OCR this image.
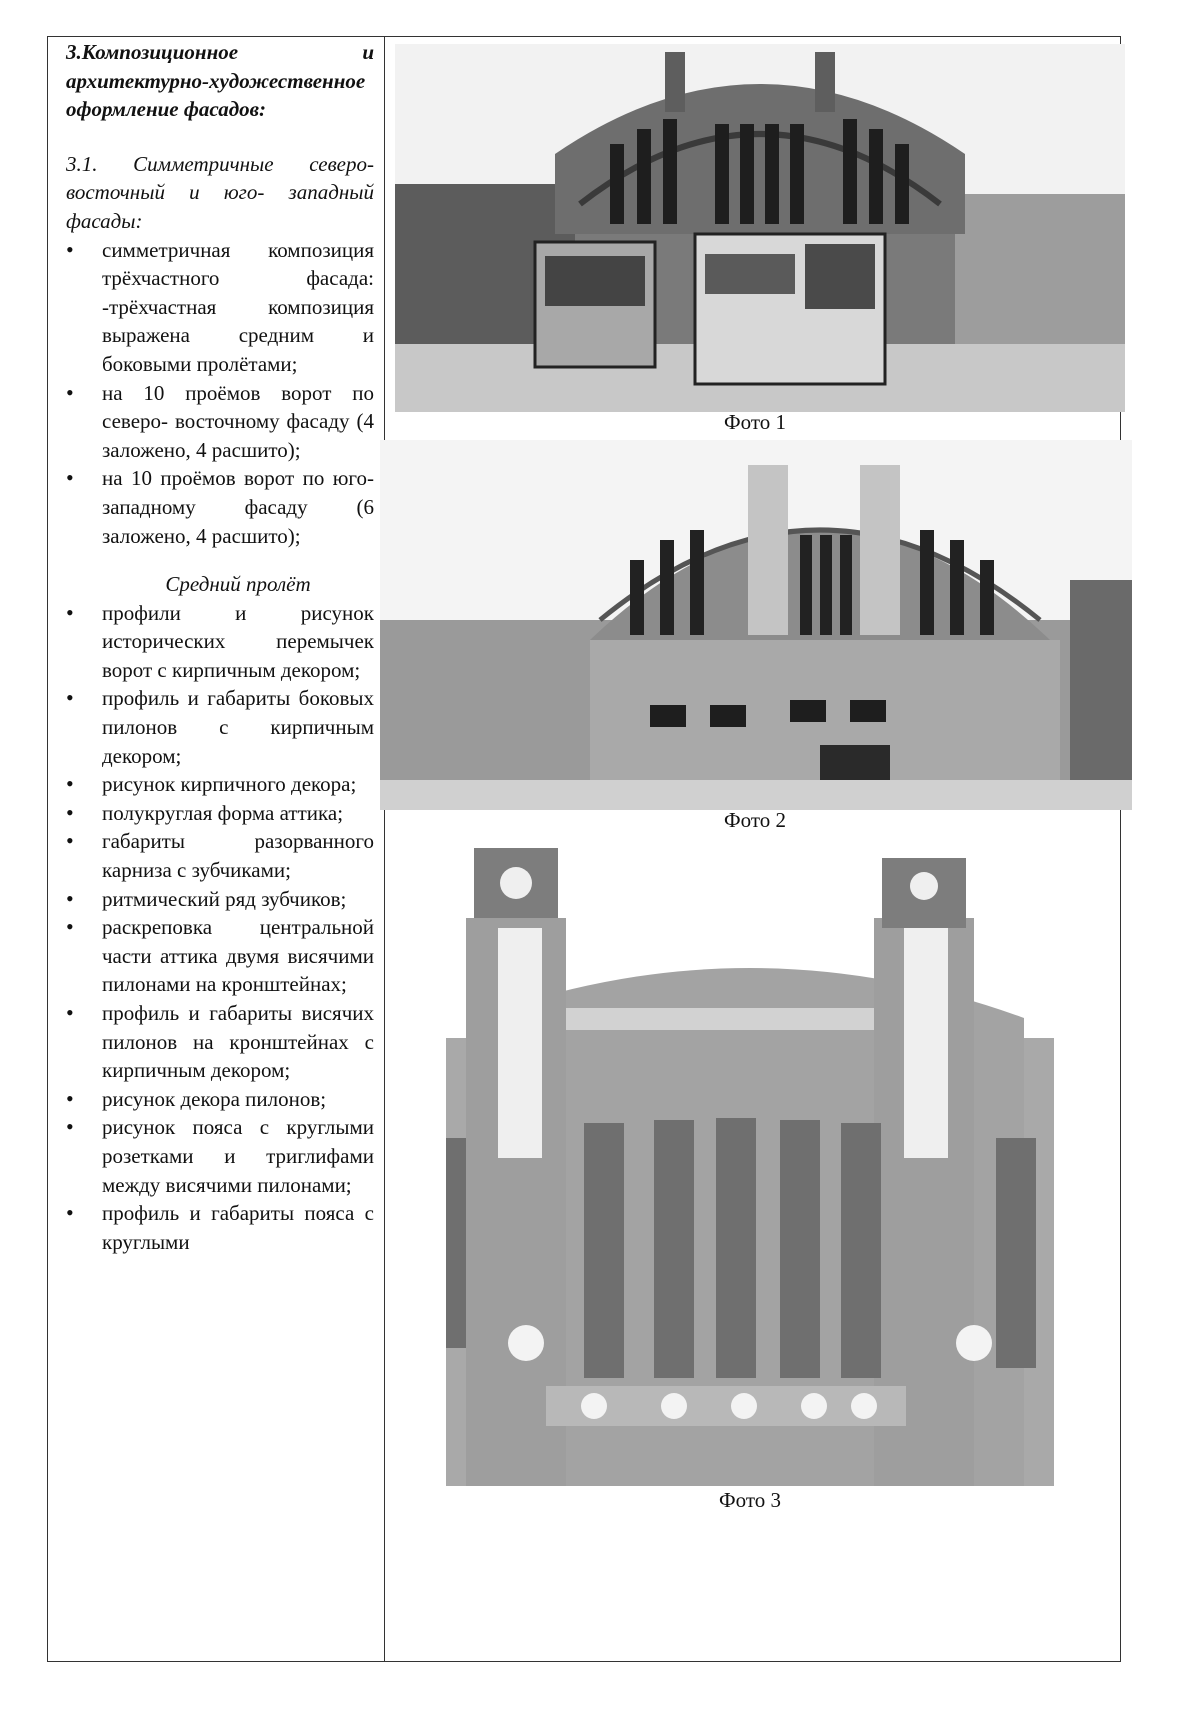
3.Композиционное и архитектурно-художественное оформление фасадов:

3.1. Симметричные северо-восточный и юго- западный фасады:

• симметричная композиция трёхчастного фасада: -трёхчастная композиция выражена средним и боковыми пролётами;
• на 10 проёмов ворот по северо- восточному фасаду (4 заложено, 4 расшито);
• на 10 проёмов ворот по юго- западному фасаду (6 заложено, 4 расшито);

Средний пролёт

• профили и рисунок исторических перемычек ворот с кирпичным декором;
• профиль и габариты боковых пилонов с кирпичным декором;
• рисунок кирпичного декора;
• полукруглая форма аттика;
• габариты разорванного карниза с зубчиками;
• ритмический ряд зубчиков;
• раскреповка центральной части аттика двумя висячими пилонами на кронштейнах;
• профиль и габариты висячих пилонов на кронштейнах с кирпичным декором;
• рисунок декора пилонов;
• рисунок пояса с круглыми розетками и триглифами между висячими пилонами;
• профиль и габариты пояса с круглыми
Фото 1
Фото 2
Фото 3
